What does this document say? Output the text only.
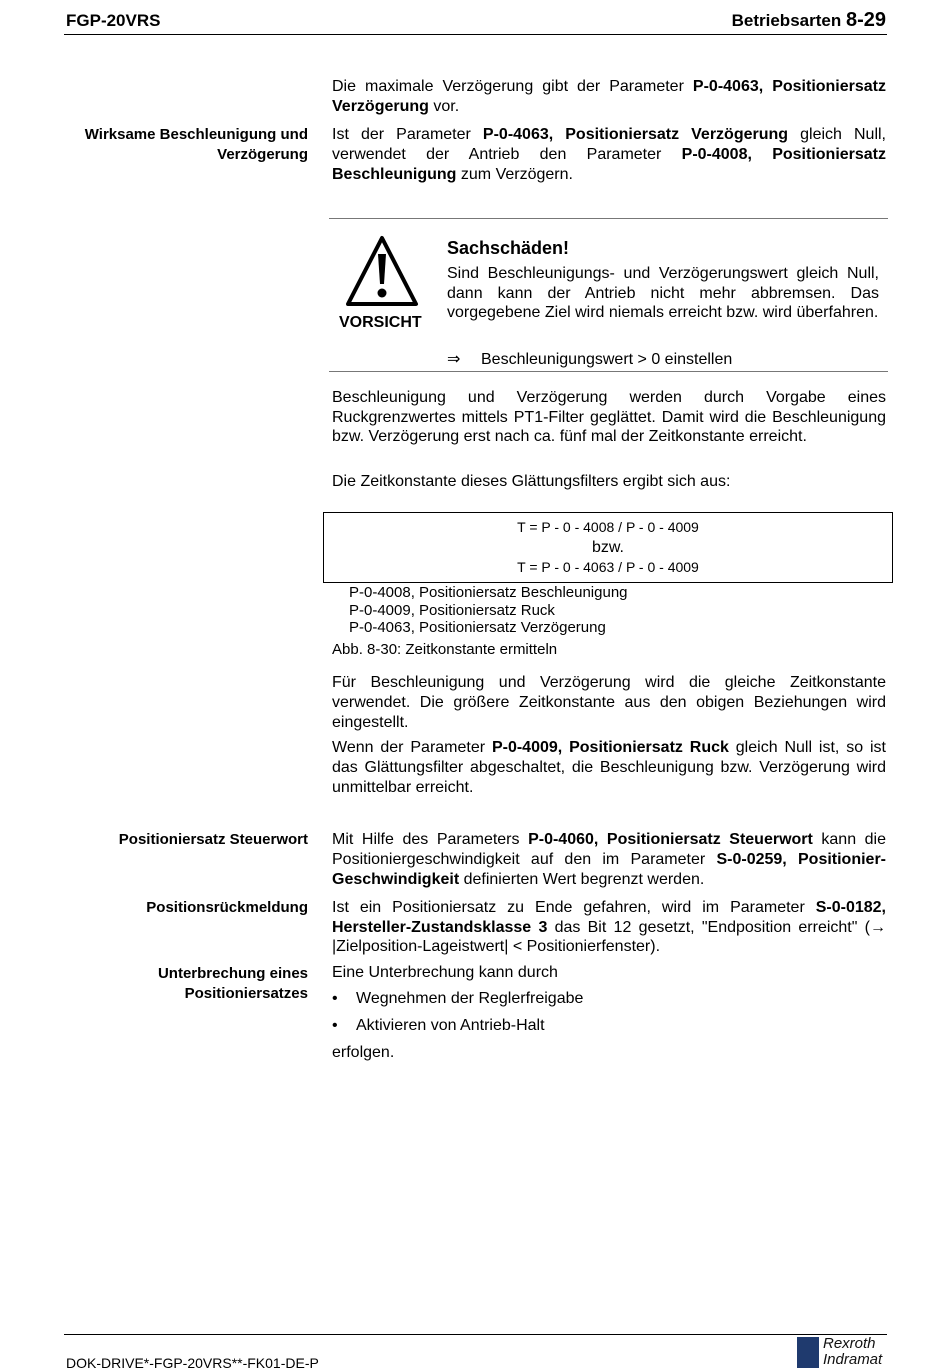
FGP-20VRS	Betriebsarten 8-29
Die maximale Verzögerung gibt der Parameter P-0-4063, Positioniersatz Verzögerung vor.
Wirksame Beschleunigung und
Verzögerung
Ist der Parameter P-0-4063, Positioniersatz Verzögerung gleich Null, verwendet der Antrieb den Parameter P-0-4008, Positioniersatz Beschleunigung zum Verzögern.
VORSICHT
Sachschäden!
Sind Beschleunigungs- und Verzögerungswert gleich Null, dann kann der Antrieb nicht mehr abbremsen. Das vorgegebene Ziel wird niemals erreicht bzw. wird überfahren.
⇒ Beschleunigungswert > 0 einstellen
Beschleunigung und Verzögerung werden durch Vorgabe eines Ruckgrenzwertes mittels PT1-Filter geglättet. Damit wird die Beschleunigung bzw. Verzögerung erst nach ca. fünf mal der Zeitkonstante erreicht.
Die Zeitkonstante dieses Glättungsfilters ergibt sich aus:
T = P - 0 - 4008 / P - 0 - 4009
bzw.
T = P - 0 - 4063 / P - 0 - 4009
P-0-4008, Positioniersatz Beschleunigung
P-0-4009, Positioniersatz Ruck
P-0-4063, Positioniersatz Verzögerung
Abb. 8-30: Zeitkonstante ermitteln
Für Beschleunigung und Verzögerung wird die gleiche Zeitkonstante verwendet. Die größere Zeitkonstante aus den obigen Beziehungen wird eingestellt.
Wenn der Parameter P-0-4009, Positioniersatz Ruck gleich Null ist, so ist das Glättungsfilter abgeschaltet, die Beschleunigung bzw. Verzögerung wird unmittelbar erreicht.
Positioniersatz Steuerwort Mit Hilfe des Parameters P-0-4060, Positioniersatz Steuerwort kann die Positioniergeschwindigkeit auf den im Parameter S-0-0259, Positionier-Geschwindigkeit definierten Wert begrenzt werden.
Positionsrückmeldung Ist ein Positioniersatz zu Ende gefahren, wird im Parameter S-0-0182, Hersteller-Zustandsklasse 3 das Bit 12 gesetzt, "Endposition erreicht" (→ |Zielposition-Lageistwert| < Positionierfenster).
Unterbrechung eines
Positioniersatzes
Eine Unterbrechung kann durch
• Wegnehmen der Reglerfreigabe
• Aktivieren von Antrieb-Halt
erfolgen.
DOK-DRIVE*-FGP-20VRS**-FK01-DE-P
Rexroth
Indramat
